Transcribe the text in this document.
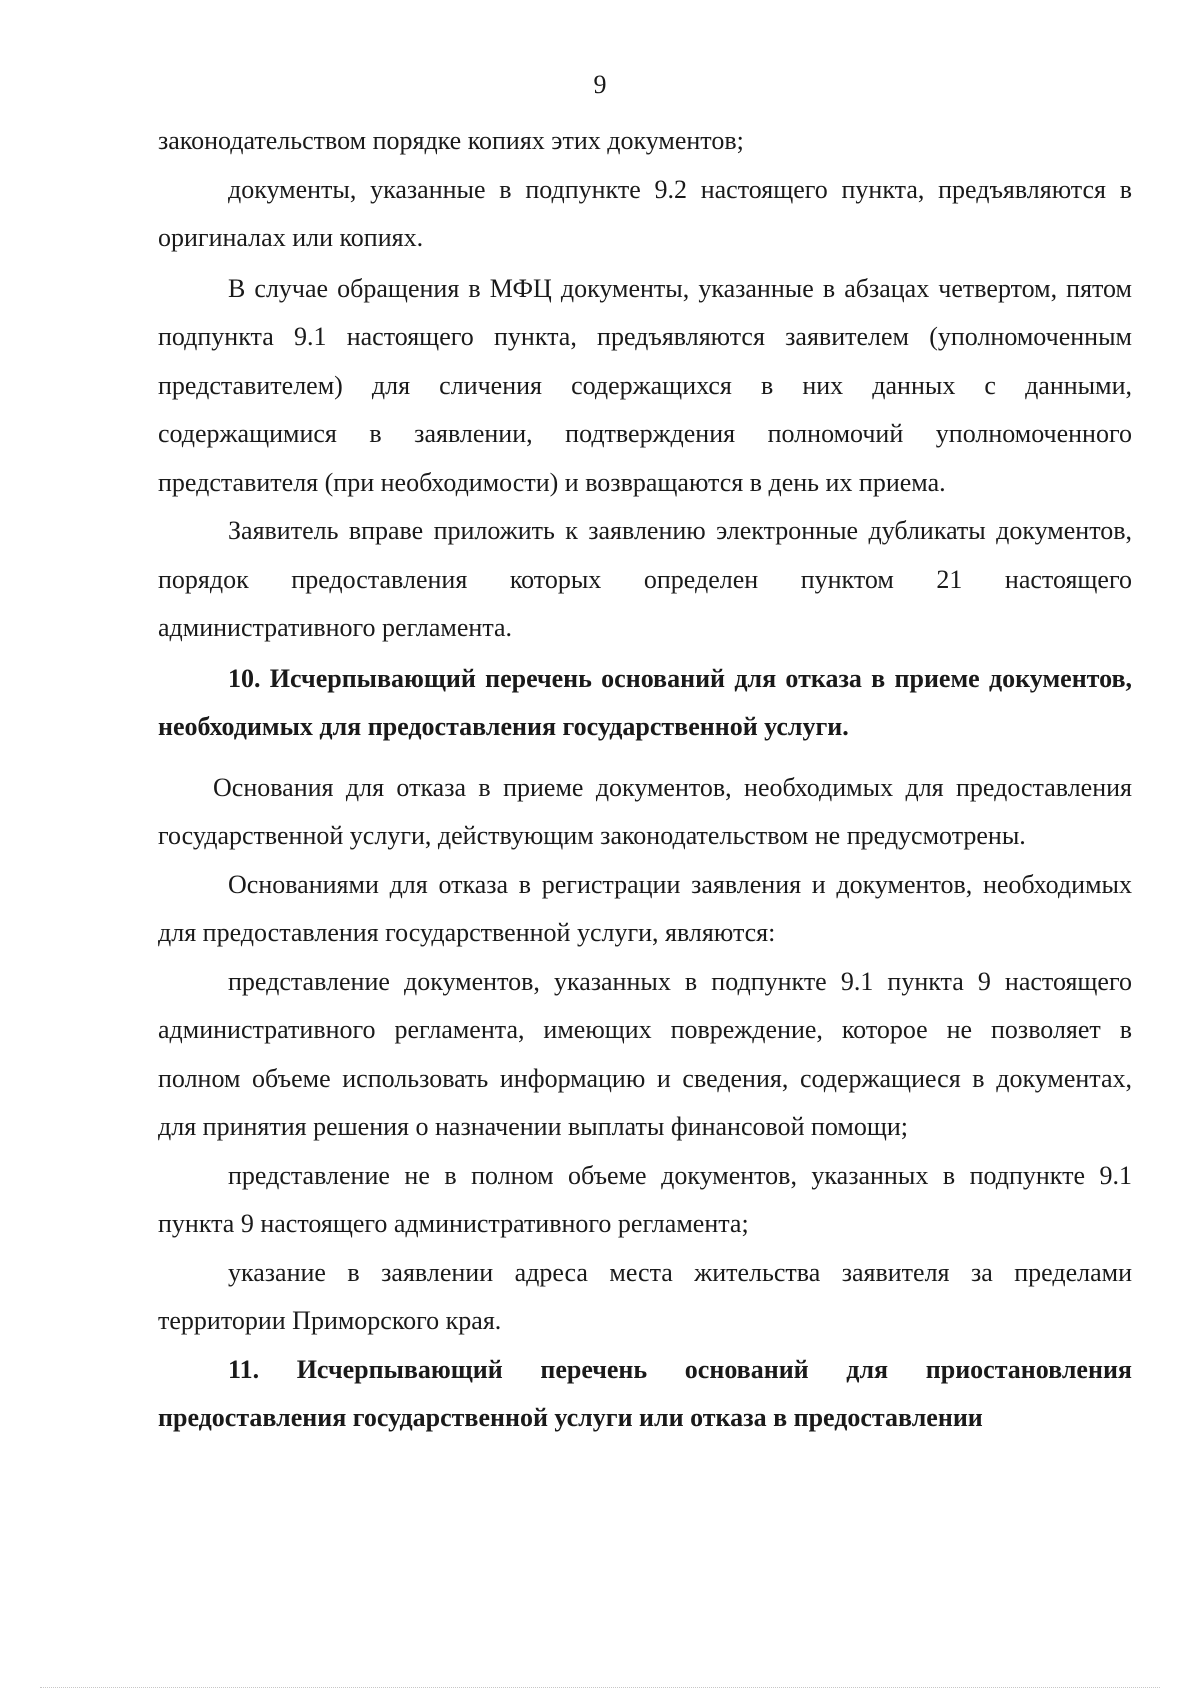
9

законодательством порядке копиях этих документов;

документы, указанные в подпункте 9.2 настоящего пункта, предъявляются в оригиналах или копиях.

В случае обращения в МФЦ документы, указанные в абзацах четвертом, пятом подпункта 9.1 настоящего пункта, предъявляются заявителем (уполномоченным представителем) для сличения содержащихся в них данных с данными, содержащимися в заявлении, подтверждения полномочий уполномоченного представителя (при необходимости) и возвращаются в день их приема.

Заявитель вправе приложить к заявлению электронные дубликаты документов, порядок предоставления которых определен пунктом 21 настоящего административного регламента.

10. Исчерпывающий перечень оснований для отказа в приеме документов, необходимых для предоставления государственной услуги.

Основания для отказа в приеме документов, необходимых для предоставления государственной услуги, действующим законодательством не предусмотрены.

Основаниями для отказа в регистрации заявления и документов, необходимых для предоставления государственной услуги, являются:

представление документов, указанных в подпункте 9.1 пункта 9 настоящего административного регламента, имеющих повреждение, которое не позволяет в полном объеме использовать информацию и сведения, содержащиеся в документах, для принятия решения о назначении выплаты финансовой помощи;

представление не в полном объеме документов, указанных в подпункте 9.1 пункта 9 настоящего административного регламента;

указание в заявлении адреса места жительства заявителя за пределами территории Приморского края.

11. Исчерпывающий перечень оснований для приостановления предоставления государственной услуги или отказа в предоставлении
